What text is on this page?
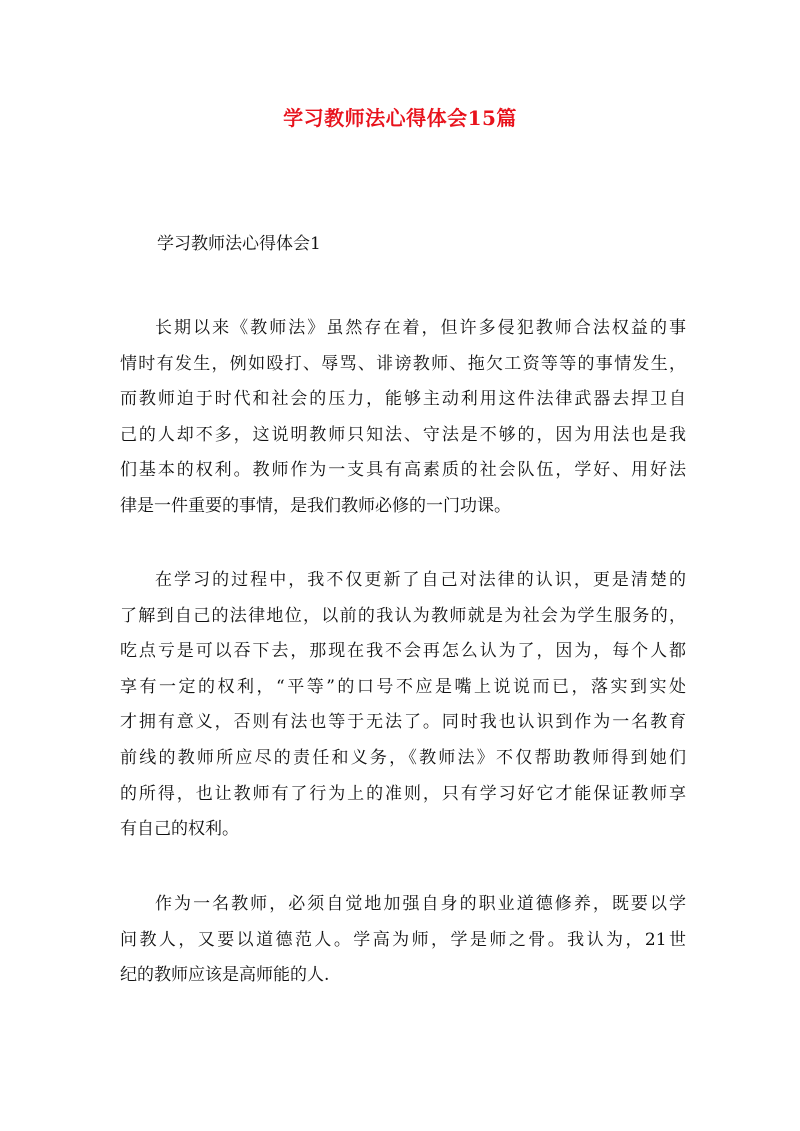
学习教师法心得体会15篇
学习教师法心得体会1
长期以来《教师法》虽然存在着，但许多侵犯教师合法权益的事
情时有发生，例如殴打、辱骂、诽谤教师、拖欠工资等等的事情发生，
而教师迫于时代和社会的压力，能够主动利用这件法律武器去捍卫自
己的人却不多，这说明教师只知法、守法是不够的，因为用法也是我
们基本的权利。教师作为一支具有高素质的社会队伍，学好、用好法
律是一件重要的事情，是我们教师必修的一门功课。
在学习的过程中，我不仅更新了自己对法律的认识，更是清楚的
了解到自己的法律地位，以前的我认为教师就是为社会为学生服务的，
吃点亏是可以吞下去，那现在我不会再怎么认为了，因为，每个人都
享有一定的权利，“平等”的口号不应是嘴上说说而已，落实到实处
才拥有意义，否则有法也等于无法了。同时我也认识到作为一名教育
前线的教师所应尽的责任和义务，《教师法》不仅帮助教师得到她们
的所得，也让教师有了行为上的准则，只有学习好它才能保证教师享
有自己的权利。
作为一名教师，必须自觉地加强自身的职业道德修养，既要以学
问教人，又要以道德范人。学高为师，学是师之骨。我认为，21世
纪的教师应该是高师能的人.
